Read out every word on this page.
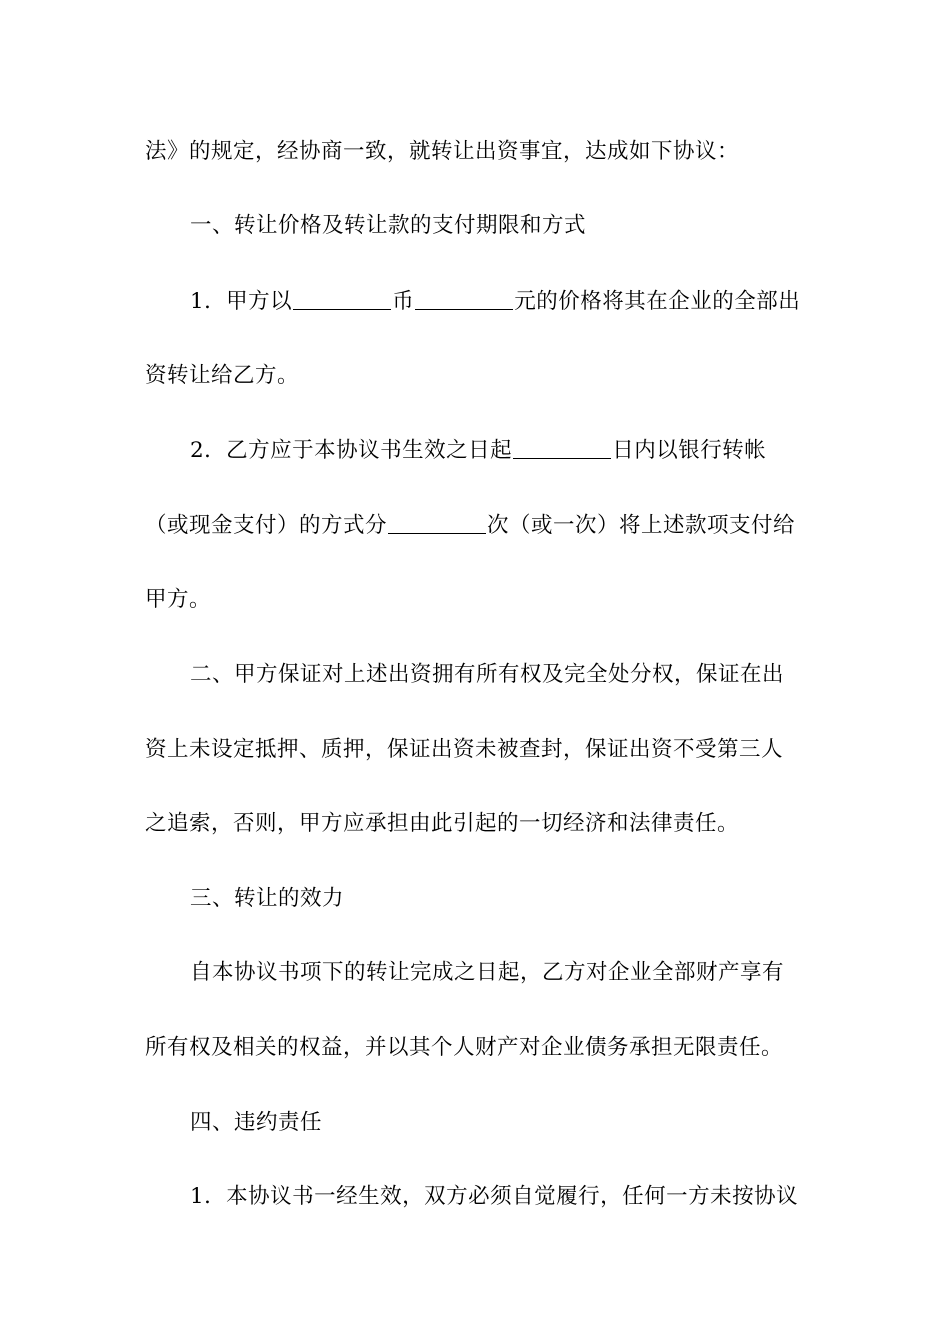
法》的规定，经协商一致，就转让出资事宜，达成如下协议：
一、转让价格及转让款的支付期限和方式
1．甲方以	币	元的价格将其在企业的全部出
资转让给乙方。
2．乙方应于本协议书生效之日起	日内以银行转帐
（或现金支付）的方式分	次（或一次）将上述款项支付给
甲方。
二、甲方保证对上述出资拥有所有权及完全处分权，保证在出
资上未设定抵押、质押，保证出资未被查封，保证出资不受第三人
之追索，否则，甲方应承担由此引起的一切经济和法律责任。
三、转让的效力
自本协议书项下的转让完成之日起，乙方对企业全部财产享有
所有权及相关的权益，并以其个人财产对企业债务承担无限责任。
四、违约责任
1．本协议书一经生效，双方必须自觉履行，任何一方未按协议
